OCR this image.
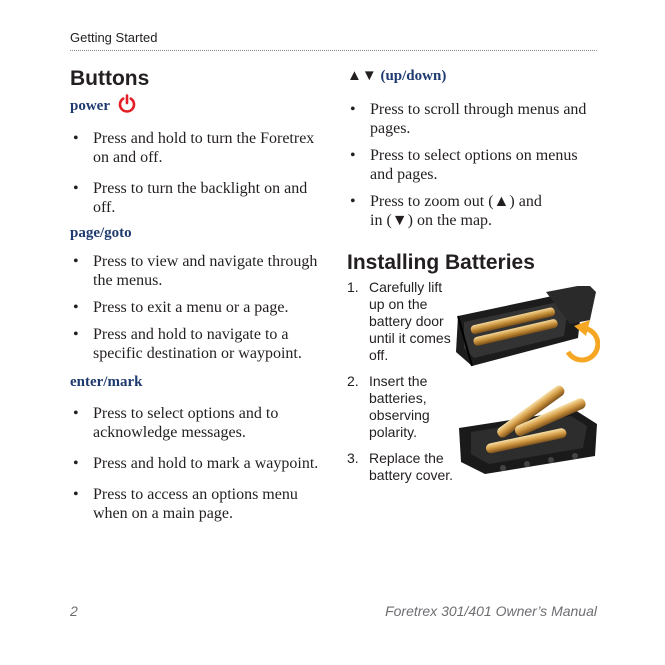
Getting Started
Buttons
power
• Press and hold to turn the Foretrex on and off.
• Press to turn the backlight on and off.
page/goto
• Press to view and navigate through the menus.
• Press to exit a menu or a page.
• Press and hold to navigate to a specific destination or waypoint.
enter/mark
• Press to select options and to acknowledge messages.
• Press and hold to mark a waypoint.
• Press to access an options menu when on a main page.
▲▼ (up/down)
• Press to scroll through menus and pages.
• Press to select options on menus and pages.
• Press to zoom out (▲) and
in (▼) on the map.
Installing Batteries
1. Carefully lift up on the battery door until it comes off.
2. Insert the batteries, observing polarity.
3. Replace the battery cover.
2	Foretrex 301/401 Owner’s Manual
